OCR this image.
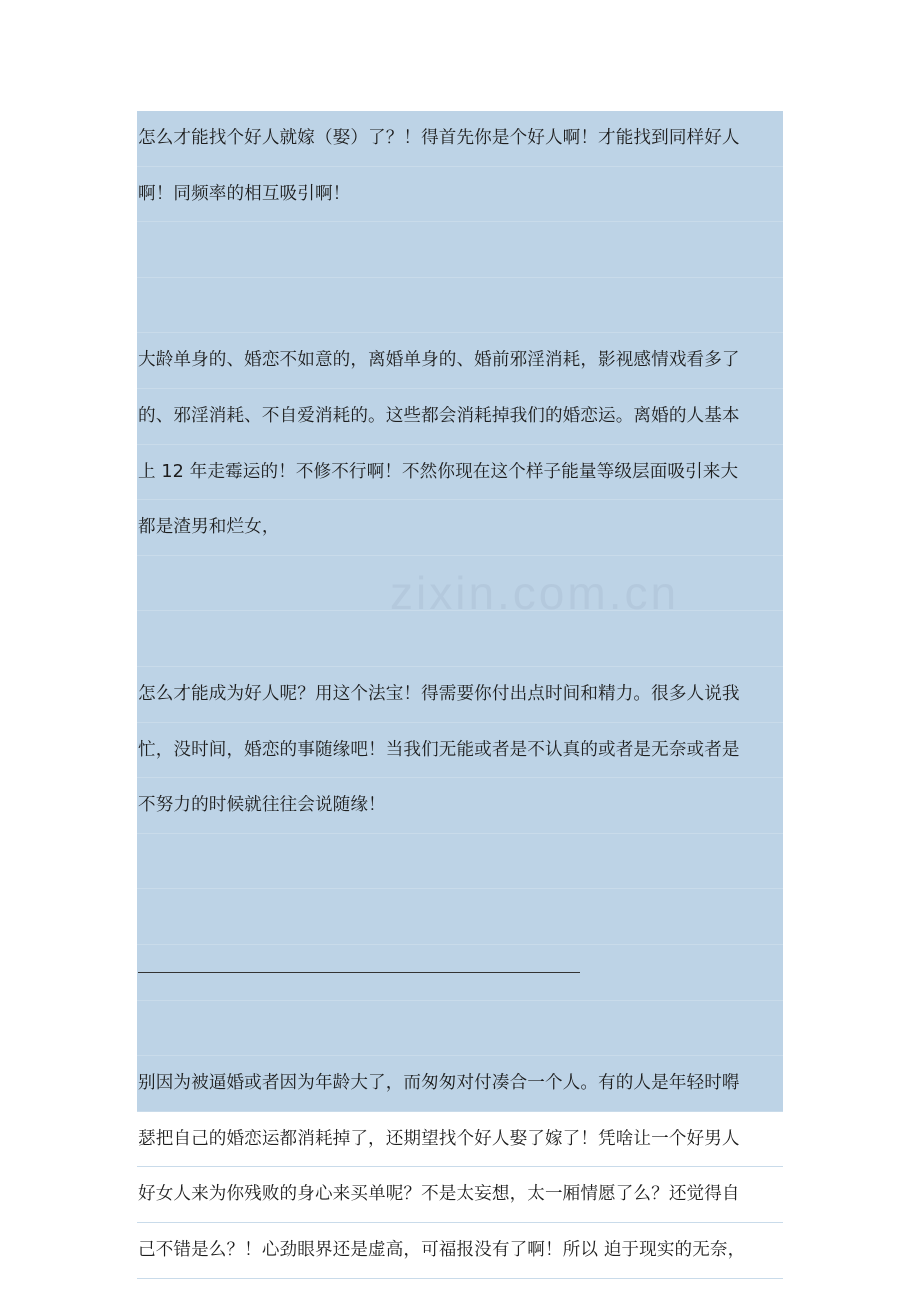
怎么才能找个好人就嫁（娶）了？！得首先你是个好人啊！才能找到同样好人
啊！同频率的相互吸引啊！
大龄单身的、婚恋不如意的，离婚单身的、婚前邪淫消耗，影视感情戏看多了
的、邪淫消耗、不自爱消耗的。这些都会消耗掉我们的婚恋运。离婚的人基本
上 12 年走霉运的！不修不行啊！不然你现在这个样子能量等级层面吸引来大
都是渣男和烂女，
怎么才能成为好人呢？用这个法宝！得需要你付出点时间和精力。很多人说我
忙，没时间，婚恋的事随缘吧！当我们无能或者是不认真的或者是无奈或者是
不努力的时候就往往会说随缘！
别因为被逼婚或者因为年龄大了，而匆匆对付凑合一个人。有的人是年轻时嘚
瑟把自己的婚恋运都消耗掉了，还期望找个好人娶了嫁了！凭啥让一个好男人
好女人来为你残败的身心来买单呢？不是太妄想，太一厢情愿了么？还觉得自
己不错是么？！心劲眼界还是虚高，可福报没有了啊！所以 迫于现实的无奈，
zixin.com.cn
